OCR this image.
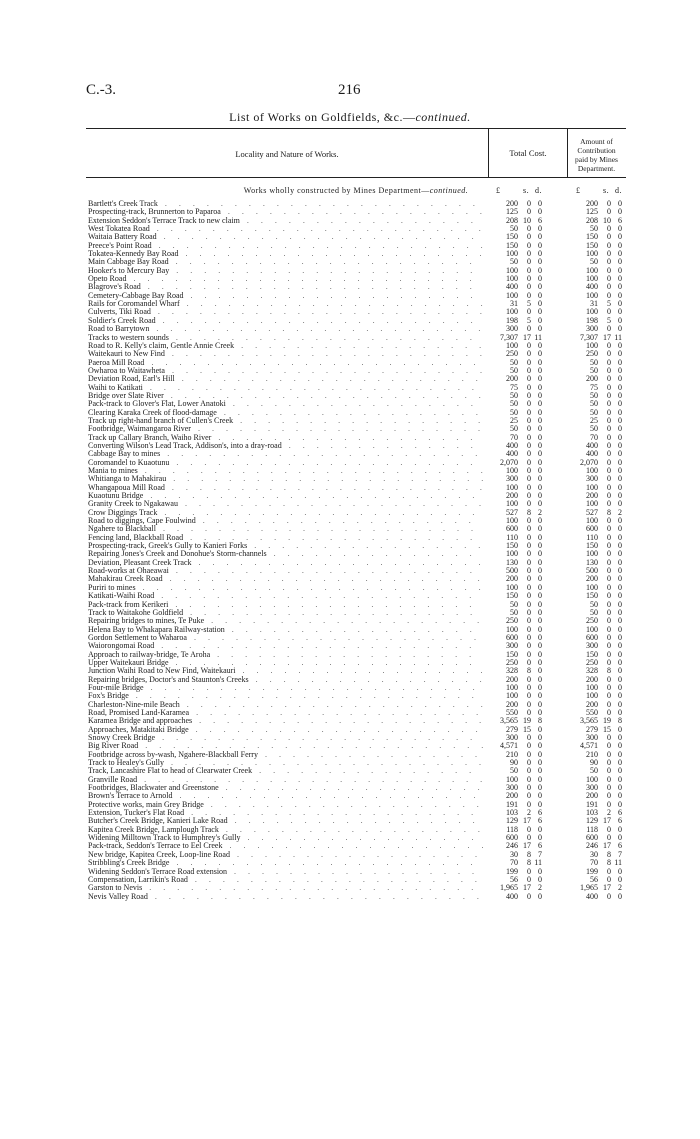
C.-3.	216
List of Works on Goldfields, &c.—continued.
Locality and Nature of Works.	Total Cost.
Amount of
Contribution
paid by Mines
Department.
Works wholly constructed by Mines Department—continued.	£	s. d.	£	s. d.
Bartlett's Creek Track . . .	200	0 0	200	0 0
Prospecting-track, Brunnerton to Paparoa . . .	125	0 0	125	0 0
Extension Seddon's Terrace Track to new claim . . .	208 10 6	208 10 6
West Tokatea Road . . .	50	0 0	50	0 0
Waitaia Battery Road . . .	150	0 0	150	0 0
Preece's Point Road . . .	150	0 0	150	0 0
Tokatea-Kennedy Bay Road . . .	100	0 0	100	0 0
Main Cabbage Bay Road . . .	50	0 0	50	0 0
Hooker's to Mercury Bay . . .	100	0 0	100	0 0
Opeto Road . . .	100	0 0	100	0 0
Blagrove's Road . . .	400	0 0	400	0 0
Cemetery-Cabbage Bay Road . . .	100	0 0	100	0 0
Rails for Coromandel Wharf . . .	31	5 0	31	5 0
Culverts, Tiki Road . . .	100	0 0	100	0 0
Soldier's Creek Road . . .	198	5 0	198	5 0
Road to Barrytown . . .	300	0 0	300	0 0
Tracks to western sounds . . .	7,307 17 11	7,307 17 11
Road to R. Kelly's claim, Gentle Annie Creek . . .	100	0 0	100	0 0
Waitekauri to New Find . . .	250	0 0	250	0 0
Paeroa Mill Road . . .	50	0 0	50	0 0
Owharoa to Waitawheta . . .	50	0 0	50	0 0
Deviation Road, Earl's Hill . . .	200	0 0	200	0 0
Waihi to Katikati . . .	75	0 0	75	0 0
Bridge over Slate River . . .	50	0 0	50	0 0
Pack-track to Glover's Flat, Lower Anatoki . . .	50	0 0	50	0 0
Clearing Karaka Creek of flood-damage . . .	50	0 0	50	0 0
Track up right-hand branch of Cullen's Creek . . .	25	0 0	25	0 0
Footbridge, Waimangaroa River . . .	50	0 0	50	0 0
Track up Callary Branch, Waiho River . . .	70	0 0	70	0 0
Converting Wilson's Lead Track, Addison's, into a dray-road . . .	400	0 0	400	0 0
Cabbage Bay to mines . . .	400	0 0	400	0 0
Coromandel to Kuaotunu . . .	2,070	0 0	2,070	0 0
Mania to mines . . .	100	0 0	100	0 0
Whitianga to Mahakirau . . .	300	0 0	300	0 0
Whangapoua Mill Road . . .	100	0 0	100	0 0
Kuaotunu Bridge . . .	200	0 0	200	0 0
Granity Creek to Ngakawau . . .	100	0 0	100	0 0
Crow Diggings Track . . .	527	8 2	527	8 2
Road to diggings, Cape Foulwind . . .	100	0 0	100	0 0
Ngahere to Blackball . . .	600	0 0	600	0 0
Fencing land, Blackball Road . . .	110	0 0	110	0 0
Prospecting-track, Greek's Gully to Kanieri Forks . . .	150	0 0	150	0 0
Repairing Jones's Creek and Donohue's Storm-channels . . .	100	0 0	100	0 0
Deviation, Pleasant Creek Track . . .	130	0 0	130	0 0
Road-works at Ohaeawai . . .	500	0 0	500	0 0
Mahakirau Creek Road . . .	200	0 0	200	0 0
Puriri to mines . . .	100	0 0	100	0 0
Katikati-Waihi Road . . .	150	0 0	150	0 0
Pack-track from Kerikeri . . .	50	0 0	50	0 0
Track to Waitakohe Goldfield . . .	50	0 0	50	0 0
Repairing bridges to mines, Te Puke . . .	250	0 0	250	0 0
Helena Bay to Whakapara Railway-station . . .	100	0 0	100	0 0
Gordon Settlement to Waharoa . . .	600	0 0	600	0 0
Waiorongomai Road . . .	300	0 0	300	0 0
Approach to railway-bridge, Te Aroha . . .	150	0 0	150	0 0
Upper Waitekauri Bridge . . .	250	0 0	250	0 0
Junction Waihi Road to New Find, Waitekauri . . .	328	8 0	328	8 0
Repairing bridges, Doctor's and Staunton's Creeks . . .	200	0 0	200	0 0
Four-mile Bridge . . .	100	0 0	100	0 0
Fox's Bridge . . .	100	0 0	100	0 0
Charleston-Nine-mile Beach . . .	200	0 0	200	0 0
Road, Promised Land-Karamea . . .	550	0 0	550	0 0
Karamea Bridge and approaches . . .	3,565 19 8	3,565 19 8
Approaches, Matakitaki Bridge . . .	279 15 0	279 15 0
Snowy Creek Bridge . . .	300	0 0	300	0 0
Big River Road . . .	4,571	0 0	4,571	0 0
Footbridge across by-wash, Ngahere-Blackball Ferry . . .	210	0 0	210	0 0
Track to Healey's Gully . . .	90	0 0	90	0 0
Track, Lancashire Flat to head of Clearwater Creek . . .	50	0 0	50	0 0
Granville Road . . .	100	0 0	100	0 0
Footbridges, Blackwater and Greenstone . . .	300	0 0	300	0 0
Brown's Terrace to Arnold . . .	200	0 0	200	0 0
Protective works, main Grey Bridge . . .	191	0 0	191	0 0
Extension, Tucker's Flat Road . . .	103	2 6	103	2 6
Butcher's Creek Bridge, Kanieri Lake Road . . .	129 17 6	129 17 6
Kapitea Creek Bridge, Lamplough Track . . .	118	0 0	118	0 0
Widening Milltown Track to Humphrey's Gully . . .	600	0 0	600	0 0
Pack-track, Seddon's Terrace to Eel Creek . . .	246 17 6	246 17 6
New bridge, Kapitea Creek, Loop-line Road . . .	30	8 7	30	8 7
Stribbling's Creek Bridge . . .	70	8 11	70	8 11
Widening Seddon's Terrace Road extension . . .	199	0 0	199	0 0
Compensation, Larrikin's Road . . .	56	0 0	56	0 0
Garston to Nevis . . .	1,965 17 2	1,965 17 2
Nevis Valley Road . . .	400	0 0	400	0 0
